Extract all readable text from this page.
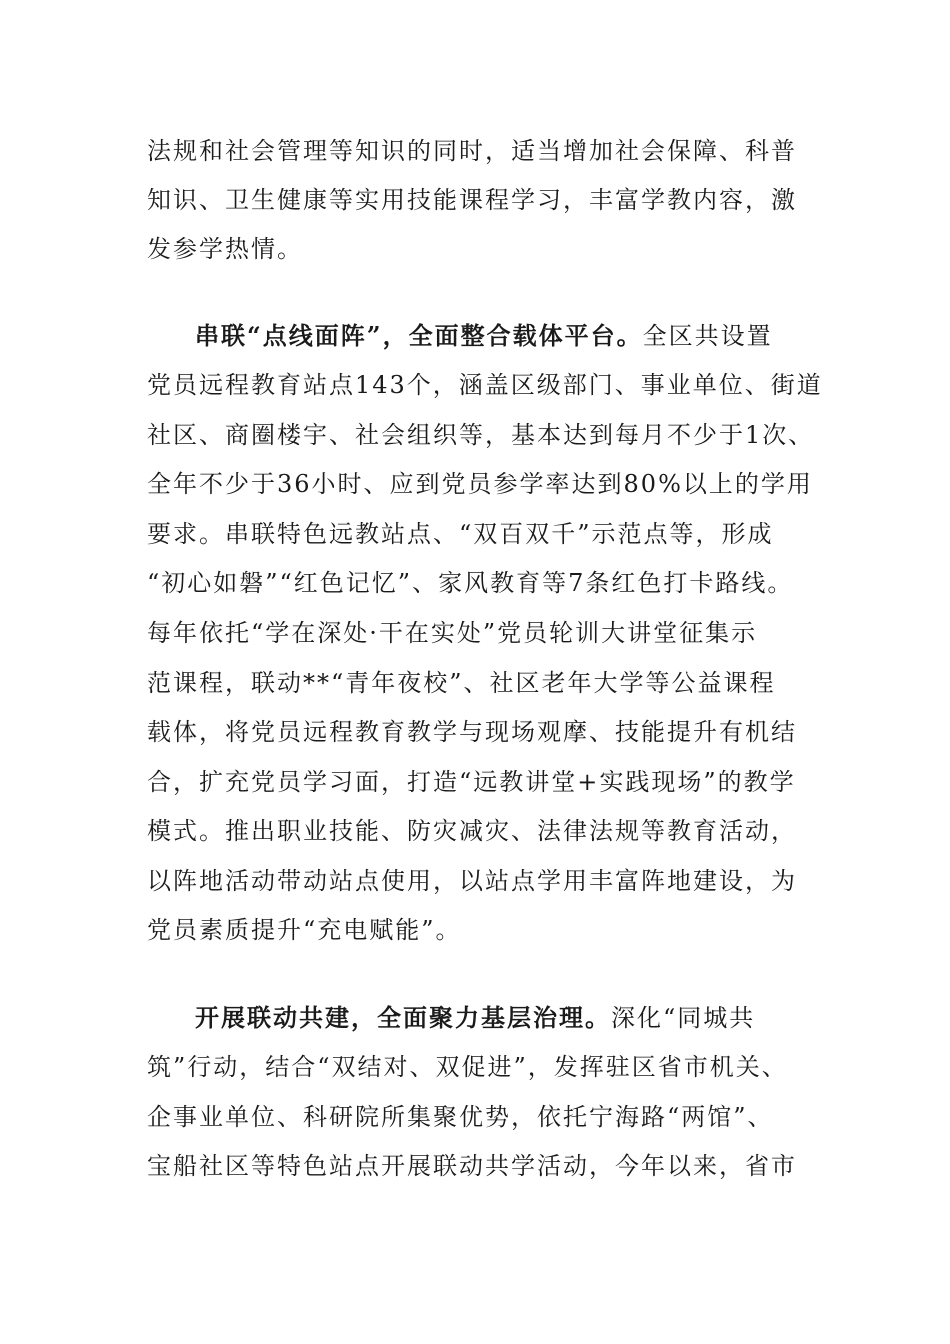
法规和社会管理等知识的同时，适当增加社会保障、科普
知识、卫生健康等实用技能课程学习，丰富学教内容，激
发参学热情。
串联“点线面阵”，全面整合载体平台。全区共设置
党员远程教育站点143个，涵盖区级部门、事业单位、街道
社区、商圈楼宇、社会组织等，基本达到每月不少于1次、
全年不少于36小时、应到党员参学率达到80%以上的学用
要求。串联特色远教站点、“双百双千”示范点等，形成
“初心如磐”“红色记忆”、家风教育等7条红色打卡路线。
每年依托“学在深处·干在实处”党员轮训大讲堂征集示
范课程，联动**“青年夜校”、社区老年大学等公益课程
载体，将党员远程教育教学与现场观摩、技能提升有机结
合，扩充党员学习面，打造“远教讲堂+实践现场”的教学
模式。推出职业技能、防灾减灾、法律法规等教育活动，
以阵地活动带动站点使用，以站点学用丰富阵地建设，为
党员素质提升“充电赋能”。
开展联动共建，全面聚力基层治理。深化“同城共
筑”行动，结合“双结对、双促进”，发挥驻区省市机关、
企事业单位、科研院所集聚优势，依托宁海路“两馆”、
宝船社区等特色站点开展联动共学活动，今年以来，省市
